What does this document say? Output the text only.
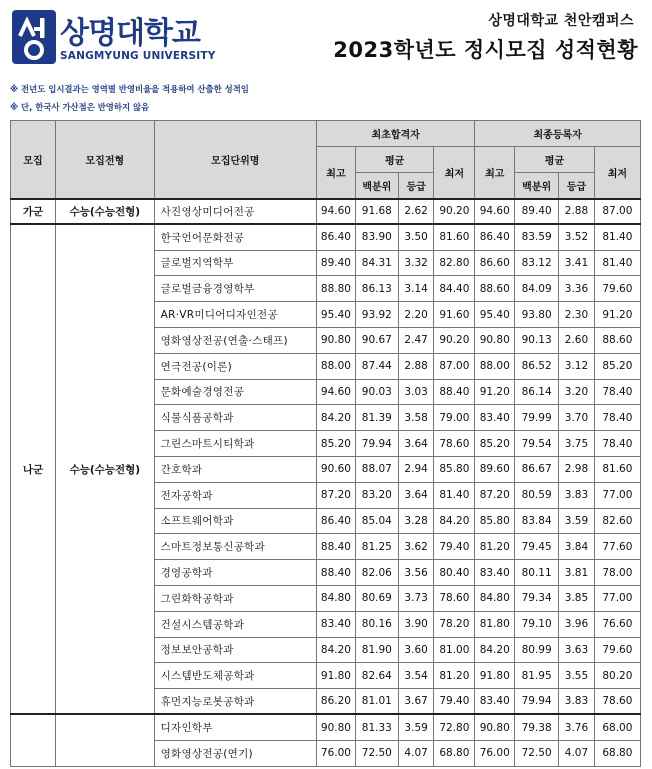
상명대학교
SANGMYUNG UNIVERSITY
상명대학교 천안캠퍼스
2023학년도 정시모집 성적현황
※ 전년도 입시결과는 영역별 반영비율을 적용하여 산출한 성적임
※ 단, 한국사 가산점은 반영하지 않음
모집	모집전형	모집단위명	최초합격자				최종등록자			
			최고	평균		최저	최고	평균		최저
				백분위	등급			백분위	등급	
가군	수능(수능전형)	사진영상미디어전공	94.60	91.68	2.62	90.20	94.60	89.40	2.88	87.00
나군	수능(수능전형)	한국언어문화전공	86.40	83.90	3.50	81.60	86.40	83.59	3.52	81.40
		글로벌지역학부	89.40	84.31	3.32	82.80	86.60	83.12	3.41	81.40
		글로벌금융경영학부	88.80	86.13	3.14	84.40	88.60	84.09	3.36	79.60
		AR·VR미디어디자인전공	95.40	93.92	2.20	91.60	95.40	93.80	2.30	91.20
		영화영상전공(연출·스태프)	90.80	90.67	2.47	90.20	90.80	90.13	2.60	88.60
		연극전공(이론)	88.00	87.44	2.88	87.00	88.00	86.52	3.12	85.20
		문화예술경영전공	94.60	90.03	3.03	88.40	91.20	86.14	3.20	78.40
		식물식품공학과	84.20	81.39	3.58	79.00	83.40	79.99	3.70	78.40
		그린스마트시티학과	85.20	79.94	3.64	78.60	85.20	79.54	3.75	78.40
		간호학과	90.60	88.07	2.94	85.80	89.60	86.67	2.98	81.60
		전자공학과	87.20	83.20	3.64	81.40	87.20	80.59	3.83	77.00
		소프트웨어학과	86.40	85.04	3.28	84.20	85.80	83.84	3.59	82.60
		스마트정보통신공학과	88.40	81.25	3.62	79.40	81.20	79.45	3.84	77.60
		경영공학과	88.40	82.06	3.56	80.40	83.40	80.11	3.81	78.00
		그린화학공학과	84.80	80.69	3.73	78.60	84.80	79.34	3.85	77.00
		건설시스템공학과	83.40	80.16	3.90	78.20	81.80	79.10	3.96	76.60
		정보보안공학과	84.20	81.90	3.60	81.00	84.20	80.99	3.63	79.60
		시스템반도체공학과	91.80	82.64	3.54	81.20	91.80	81.95	3.55	80.20
		휴먼지능로봇공학과	86.20	81.01	3.67	79.40	83.40	79.94	3.83	78.60
		디자인학부	90.80	81.33	3.59	72.80	90.80	79.38	3.76	68.00
		영화영상전공(연기)	76.00	72.50	4.07	68.80	76.00	72.50	4.07	68.80
